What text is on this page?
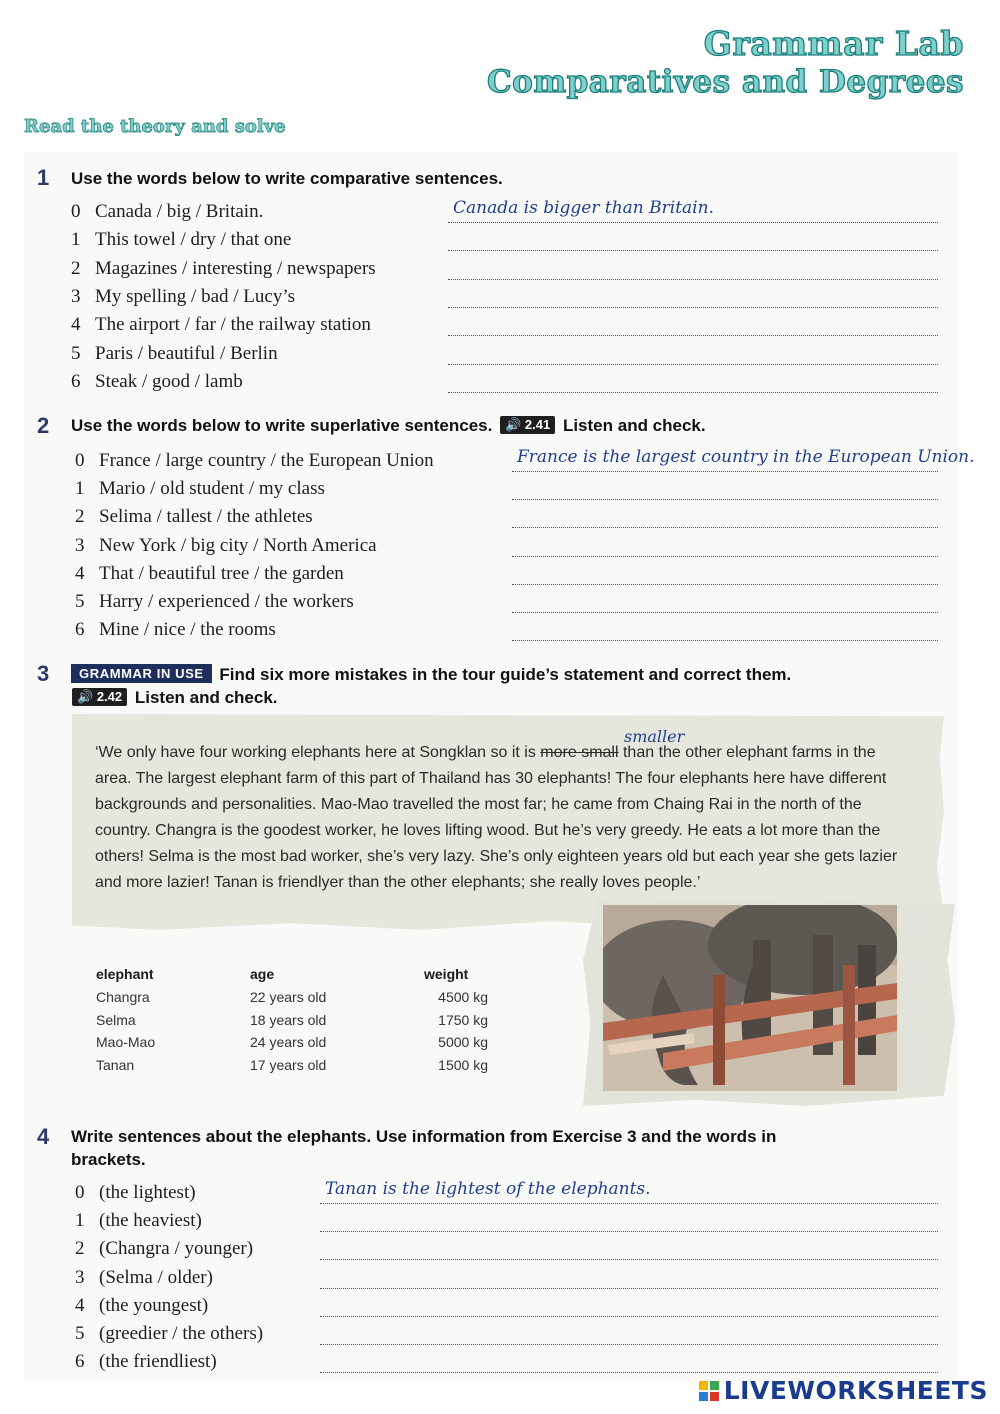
Grammar Lab
Comparatives and Degrees
Read the theory and solve
1 Use the words below to write comparative sentences.
0 Canada / big / Britain.	Canada is bigger than Britain.
1 This towel / dry / that one
2 Magazines / interesting / newspapers
3 My spelling / bad / Lucy’s
4 The airport / far / the railway station
5 Paris / beautiful / Berlin
6 Steak / good / lamb
2 Use the words below to write superlative sentences. 🔊 2.41 Listen and check.
0 France / large country / the European Union	France is the largest country in the European Union.
1 Mario / old student / my class
2 Selima / tallest / the athletes
3 New York / big city / North America
4 That / beautiful tree / the garden
5 Harry / experienced / the workers
6 Mine / nice / the rooms
3	GRAMMAR IN USE Find six more mistakes in the tour guide’s statement and correct them.
🔊 2.42 Listen and check.
smaller
‘We only have four working elephants here at Songklan so it is more small than the other elephant farms in the area. The largest elephant farm of this part of Thailand has 30 elephants! The four elephants here have different backgrounds and personalities. Mao-Mao travelled the most far; he came from Chaing Rai in the north of the country. Changra is the goodest worker, he loves lifting wood. But he’s very greedy. He eats a lot more than the others! Selma is the most bad worker, she’s very lazy. She’s only eighteen years old but each year she gets lazier and more lazier! Tanan is friendlyer than the other elephants; she really loves people.’
elephant	age	weight
Changra	22 years old	4500 kg
Selma	18 years old	1750 kg
Mao-Mao	24 years old	5000 kg
Tanan	17 years old	1500 kg
4 Write sentences about the elephants. Use information from Exercise 3 and the words in
brackets.
0 (the lightest)	Tanan is the lightest of the elephants.
1 (the heaviest)
2 (Changra / younger)
3 (Selma / older)
4 (the youngest)
5 (greedier / the others)
6 (the friendliest)
LIVEWORKSHEETS
